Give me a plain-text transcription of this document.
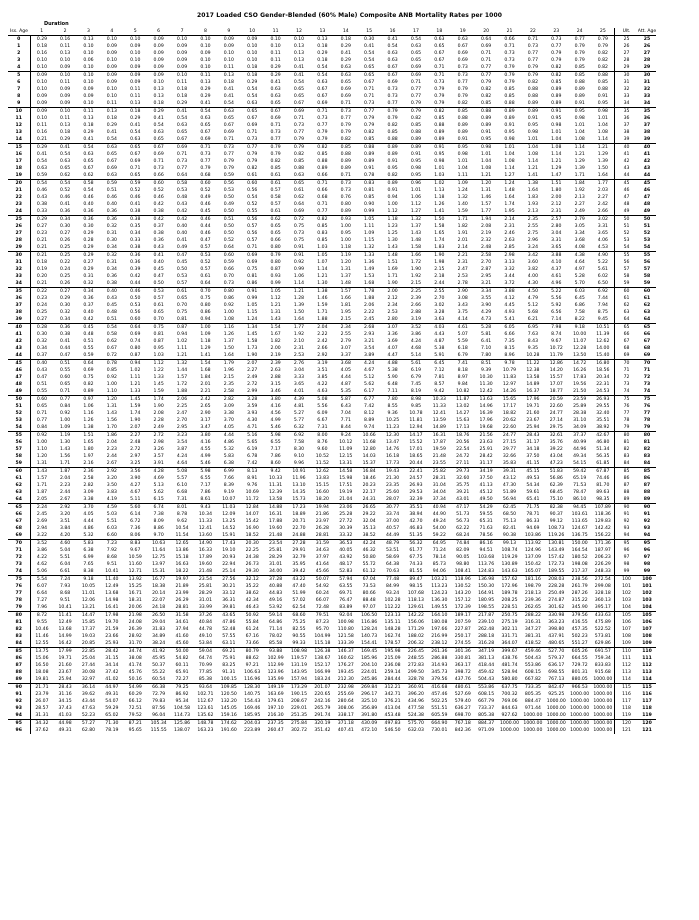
2017 Loaded CSO Gender-Blended (60% Male) Composite ANB Mortality Rates per 1000
Duration
Iss. Age	1	2	3	4	5	6	7	8	9	10	11	12	13	14	15	16	17	18	19	20	21	22	23	24	25	Ult.	Att. Age
0	0.29	0.16	0.13	0.10	0.10	0.09	0.10	0.10	0.09	0.09	0.10	0.10	0.13	0.18	0.30	0.41	0.54	0.63	0.63	0.64	0.66	0.71	0.73	0.77	0.79	25	25
1	0.18	0.11	0.10	0.09	0.09	0.09	0.09	0.10	0.09	0.10	0.10	0.13	0.18	0.29	0.41	0.54	0.63	0.65	0.67	0.69	0.71	0.73	0.77	0.79	0.79	26	26
2	0.16	0.13	0.10	0.09	0.10	0.09	0.09	0.09	0.10	0.10	0.11	0.13	0.29	0.41	0.54	0.63	0.65	0.67	0.69	0.71	0.73	0.77	0.79	0.79	0.82	27	27
3	0.10	0.10	0.06	0.10	0.10	0.09	0.09	0.10	0.10	0.10	0.11	0.13	0.18	0.29	0.54	0.63	0.65	0.67	0.69	0.71	0.73	0.77	0.79	0.79	0.82	28	28
4	0.10	0.09	0.10	0.09	0.09	0.09	0.09	0.10	0.11	0.18	0.29	0.41	0.54	0.63	0.65	0.67	0.69	0.71	0.73	0.77	0.79	0.79	0.82	0.85	0.82	29	29
5	0.09	0.10	0.10	0.09	0.09	0.09	0.10	0.11	0.13	0.18	0.29	0.41	0.54	0.63	0.65	0.67	0.69	0.71	0.73	0.77	0.79	0.79	0.82	0.85	0.88	30	30
6	0.10	0.11	0.10	0.09	0.09	0.10	0.11	0.13	0.18	0.29	0.41	0.54	0.63	0.65	0.67	0.69	0.71	0.73	0.77	0.79	0.79	0.82	0.85	0.88	0.85	31	31
7	0.10	0.09	0.09	0.10	0.11	0.13	0.18	0.29	0.41	0.54	0.63	0.65	0.67	0.69	0.71	0.73	0.77	0.79	0.79	0.82	0.85	0.88	0.89	0.89	0.88	32	32
8	0.09	0.09	0.09	0.10	0.11	0.13	0.18	0.29	0.41	0.54	0.63	0.65	0.67	0.69	0.71	0.73	0.77	0.79	0.79	0.82	0.85	0.88	0.89	0.89	0.91	33	33
9	0.09	0.09	0.10	0.11	0.13	0.18	0.29	0.41	0.54	0.63	0.65	0.67	0.69	0.71	0.73	0.77	0.79	0.79	0.82	0.85	0.88	0.89	0.89	0.91	0.95	34	34
10	0.09	0.10	0.11	0.13	0.18	0.29	0.41	0.54	0.63	0.65	0.67	0.69	0.71	0.73	0.77	0.79	0.79	0.82	0.85	0.88	0.89	0.89	0.91	0.95	0.98	35	35
11	0.10	0.11	0.13	0.18	0.29	0.41	0.54	0.63	0.65	0.67	0.69	0.71	0.73	0.77	0.79	0.79	0.82	0.85	0.88	0.89	0.89	0.91	0.95	0.98	1.01	36	36
12	0.11	0.13	0.18	0.29	0.41	0.54	0.63	0.65	0.67	0.69	0.71	0.73	0.77	0.79	0.79	0.82	0.85	0.88	0.89	0.89	0.91	0.95	0.98	1.01	1.04	37	37
13	0.16	0.18	0.29	0.41	0.54	0.63	0.65	0.67	0.69	0.71	0.73	0.77	0.79	0.79	0.82	0.85	0.88	0.89	0.89	0.91	0.95	0.98	1.01	1.04	1.08	38	38
14	0.21	0.29	0.41	0.54	0.63	0.65	0.67	0.69	0.71	0.73	0.77	0.79	0.79	0.82	0.85	0.88	0.89	0.89	0.91	0.95	0.98	1.01	1.04	1.08	1.14	39	39
15	0.29	0.41	0.54	0.63	0.65	0.67	0.69	0.71	0.73	0.77	0.79	0.79	0.82	0.85	0.88	0.89	0.89	0.91	0.95	0.98	1.01	1.04	1.08	1.14	1.21	40	40
16	0.41	0.54	0.63	0.65	0.67	0.69	0.71	0.73	0.77	0.79	0.79	0.82	0.85	0.88	0.89	0.89	0.91	0.95	0.98	1.01	1.04	1.08	1.14	1.21	1.29	41	41
17	0.54	0.63	0.65	0.67	0.69	0.71	0.73	0.77	0.79	0.79	0.82	0.85	0.88	0.89	0.89	0.91	0.95	0.98	1.01	1.04	1.08	1.14	1.21	1.29	1.39	42	42
18	0.63	0.65	0.67	0.69	0.71	0.73	0.77	0.79	0.79	0.82	0.85	0.88	0.89	0.89	0.91	0.95	0.98	1.01	1.04	1.08	1.14	1.21	1.29	1.39	1.50	43	43
19	0.59	0.62	0.62	0.63	0.65	0.66	0.64	0.68	0.59	0.61	0.61	0.63	0.66	0.71	0.78	0.82	0.95	1.03	1.11	1.21	1.27	1.41	1.47	1.71	1.64	44	44
20	0.54	0.54	0.58	0.59	0.59	0.60	0.58	0.60	0.56	0.60	0.61	0.65	0.71	0.73	0.83	0.89	0.96	1.02	1.09	1.20	1.24	1.38	1.51	1.84	1.77	45	45
21	0.46	0.52	0.54	0.51	0.52	0.52	0.53	0.52	0.53	0.56	0.57	0.61	0.66	0.73	0.81	0.91	1.01	1.13	1.24	1.31	1.48	1.64	1.80	1.92	2.03	46	46
22	0.43	0.46	0.46	0.46	0.46	0.46	0.48	0.49	0.50	0.54	0.58	0.62	0.68	0.76	0.85	0.94	1.06	1.18	1.32	1.46	1.64	1.83	2.00	2.13	2.27	47	47
23	0.38	0.41	0.40	0.40	0.41	0.42	0.43	0.46	0.49	0.52	0.57	0.64	0.71	0.80	0.90	1.00	1.12	1.26	1.40	1.57	1.74	1.93	2.12	2.27	2.42	48	48
24	0.33	0.36	0.36	0.36	0.38	0.38	0.42	0.45	0.50	0.55	0.61	0.69	0.77	0.89	0.99	1.12	1.27	1.41	1.59	1.77	1.95	2.13	2.31	2.49	2.66	49	49
25	0.29	0.34	0.36	0.36	0.38	0.42	0.42	0.46	0.51	0.56	0.62	0.72	0.82	0.93	1.05	1.18	1.32	1.50	1.71	1.94	2.14	2.35	2.57	2.79	3.02	50	50
26	0.27	0.30	0.30	0.32	0.35	0.37	0.40	0.44	0.50	0.57	0.65	0.75	0.85	1.00	1.11	1.23	1.37	1.58	1.82	2.08	2.31	2.55	2.80	3.05	3.31	51	51
27	0.23	0.27	0.29	0.31	0.34	0.38	0.40	0.46	0.50	0.56	0.65	0.73	0.83	0.95	1.09	1.25	1.43	1.65	1.91	2.19	2.46	2.75	3.04	3.34	3.65	52	52
28	0.21	0.26	0.28	0.30	0.33	0.36	0.41	0.47	0.52	0.57	0.66	0.75	0.85	1.00	1.15	1.30	1.48	1.74	2.01	2.32	2.63	2.96	3.31	3.68	4.06	53	53
29	0.21	0.25	0.29	0.34	0.38	0.43	0.49	0.57	0.64	0.71	0.80	0.91	1.03	1.18	1.32	1.43	1.58	1.83	2.14	2.48	2.85	3.24	3.65	4.08	4.53	54	54
30	0.21	0.25	0.29	0.32	0.36	0.41	0.47	0.53	0.60	0.69	0.79	0.91	1.05	1.19	1.33	1.48	1.66	1.90	2.21	2.58	2.98	3.42	3.88	4.38	4.90	55	55
31	0.18	0.22	0.27	0.31	0.36	0.40	0.45	0.52	0.59	0.69	0.80	0.92	1.07	1.20	1.36	1.51	1.72	1.98	2.31	2.70	3.13	3.60	4.10	4.64	5.22	56	56
32	0.19	0.24	0.29	0.34	0.39	0.45	0.50	0.57	0.66	0.75	0.87	0.99	1.14	1.31	1.49	1.69	1.90	2.15	2.47	2.87	3.32	3.82	4.37	4.97	5.61	57	57
33	0.20	0.25	0.31	0.36	0.42	0.47	0.53	0.61	0.70	0.81	0.93	1.06	1.21	1.37	1.53	1.71	1.92	2.18	2.53	2.95	3.44	4.00	4.61	5.28	6.02	58	58
34	0.21	0.26	0.32	0.38	0.44	0.50	0.57	0.64	0.73	0.86	0.99	1.14	1.30	1.48	1.68	1.90	2.15	2.44	2.78	3.21	3.72	4.30	4.96	5.70	6.50	59	59
35	0.22	0.27	0.34	0.40	0.46	0.53	0.61	0.70	0.80	0.91	1.05	1.21	1.38	1.57	1.78	2.00	2.25	2.55	2.90	3.34	3.88	4.50	5.22	6.03	6.92	60	60
36	0.23	0.29	0.36	0.43	0.50	0.57	0.65	0.75	0.86	0.99	1.12	1.28	1.46	1.66	1.88	2.12	2.39	2.70	3.08	3.55	4.12	4.79	5.56	6.45	7.44	61	61
37	0.24	0.30	0.37	0.45	0.53	0.61	0.70	0.80	0.92	1.05	1.21	1.39	1.59	1.81	2.06	2.34	2.66	3.02	3.43	3.90	4.45	5.12	5.92	6.86	7.94	62	62
38	0.25	0.32	0.40	0.48	0.56	0.65	0.75	0.86	1.00	1.15	1.31	1.50	1.71	1.95	2.22	2.53	2.88	3.28	3.75	4.29	4.93	5.68	6.56	7.58	8.75	63	63
39	0.27	0.34	0.42	0.51	0.60	0.70	0.81	0.94	1.08	1.24	1.43	1.64	1.88	2.15	2.45	2.80	3.19	3.63	4.14	4.73	5.41	6.21	7.14	8.22	9.45	64	64
40	0.28	0.36	0.45	0.54	0.64	0.75	0.87	1.00	1.16	1.34	1.54	1.77	2.04	2.34	2.68	3.07	3.52	4.03	4.61	5.28	6.05	6.95	7.98	9.18	10.51	65	65
41	0.30	0.38	0.48	0.58	0.69	0.81	0.94	1.09	1.26	1.45	1.67	1.92	2.22	2.55	2.93	3.36	3.86	4.43	5.07	5.81	6.66	7.63	8.74	10.00	11.39	66	66
42	0.32	0.41	0.51	0.62	0.74	0.87	1.02	1.18	1.37	1.58	1.82	2.10	2.42	2.79	3.21	3.69	4.24	4.87	5.59	6.41	7.35	8.43	9.67	11.07	12.62	67	67
43	0.34	0.44	0.55	0.67	0.80	0.95	1.11	1.29	1.50	1.73	2.00	2.31	2.66	3.07	3.54	4.07	4.68	5.38	6.18	7.10	8.15	9.35	10.72	12.28	14.00	68	68
44	0.37	0.47	0.59	0.72	0.87	1.03	1.21	1.41	1.64	1.90	2.19	2.53	2.92	3.37	3.89	4.47	5.14	5.91	6.79	7.80	8.96	10.28	11.79	13.50	15.40	69	69
45	0.40	0.51	0.64	0.78	0.94	1.12	1.32	1.54	1.79	2.07	2.39	2.76	3.19	3.68	4.24	4.88	5.61	6.45	7.41	8.51	9.78	11.22	12.86	14.72	16.80	70	70
46	0.43	0.55	0.69	0.85	1.02	1.22	1.44	1.68	1.96	2.27	2.63	3.04	3.51	4.05	4.67	5.38	6.19	7.12	8.18	9.39	10.79	12.38	14.20	16.26	18.56	71	71
47	0.47	0.60	0.75	0.92	1.11	1.33	1.57	1.84	2.15	2.49	2.88	3.33	3.85	4.44	5.12	5.90	6.79	7.81	8.97	10.30	11.83	13.58	15.57	17.83	20.34	72	72
48	0.51	0.65	0.82	1.00	1.21	1.45	1.72	2.01	2.35	2.72	3.15	3.65	4.22	4.87	5.62	6.48	7.45	8.57	9.84	11.30	12.97	14.89	17.07	19.56	22.31	73	73
49	0.55	0.71	0.89	1.10	1.33	1.59	1.88	2.21	2.58	2.99	3.46	4.01	4.63	5.35	6.17	7.11	8.19	9.42	10.82	12.42	14.26	16.37	18.77	21.50	24.53	74	74
50	0.60	0.77	0.97	1.20	1.45	1.74	2.06	2.42	2.82	3.28	3.80	4.39	5.08	5.87	6.77	7.80	8.98	10.33	11.87	13.63	15.65	17.96	20.59	23.59	26.93	75	75
51	0.65	0.84	1.06	1.31	1.59	1.90	2.25	2.65	3.09	3.59	4.16	4.81	5.56	6.43	7.42	8.55	9.85	11.33	13.02	14.96	17.17	19.71	22.60	25.89	29.55	76	76
52	0.71	0.92	1.16	1.43	1.74	2.08	2.47	2.90	3.38	3.93	4.56	5.27	6.09	7.04	8.12	9.36	10.78	12.41	14.27	16.39	18.82	21.60	24.77	28.38	32.40	77	77
53	0.77	1.00	1.26	1.56	1.90	2.28	2.70	3.17	3.70	4.30	4.99	5.77	6.67	7.71	8.89	10.25	11.81	13.59	15.63	17.96	20.62	23.67	27.14	31.10	35.51	78	78
54	0.84	1.09	1.38	1.70	2.07	2.49	2.95	3.47	4.05	4.71	5.46	6.32	7.31	8.44	9.74	11.23	12.94	14.89	17.13	19.68	22.60	25.94	29.75	34.09	38.92	79	79
55	0.92	1.19	1.51	1.86	2.27	2.72	3.23	3.80	4.44	5.16	5.98	6.92	8.00	9.24	10.66	12.30	14.17	16.31	18.76	21.56	24.77	28.43	32.61	37.37	42.67	80	80
56	1.00	1.30	1.65	2.04	2.48	2.98	3.54	4.16	4.86	5.65	6.55	7.58	8.76	10.12	11.68	13.47	15.52	17.87	20.56	23.63	27.15	31.17	35.76	40.99	46.80	81	81
57	1.10	1.43	1.80	2.23	2.72	3.26	3.87	4.55	5.32	6.19	7.17	8.30	9.60	11.09	12.80	14.76	17.01	19.59	22.54	25.91	29.77	34.18	39.22	44.96	51.34	82	82
58	1.20	1.56	1.97	2.44	2.97	3.57	4.24	4.99	5.83	6.78	7.86	9.10	10.52	12.15	14.03	16.18	18.65	21.48	24.72	28.42	32.66	37.50	43.04	49.34	56.35	83	83
59	1.31	1.71	2.16	2.67	3.25	3.91	4.64	5.46	6.38	7.42	8.60	9.96	11.52	13.31	15.37	17.73	20.44	23.55	27.11	31.17	35.83	41.15	47.23	54.15	61.85	84	84
60	1.43	1.87	2.36	2.92	3.56	4.28	5.08	5.98	6.99	8.13	9.42	10.91	12.62	14.58	16.84	19.43	22.41	25.82	29.73	34.19	39.31	45.15	51.83	59.42	67.87	85	85
61	1.57	2.04	2.58	3.20	3.90	4.69	5.57	6.55	7.66	8.91	10.33	11.96	13.83	15.98	18.46	21.30	24.57	28.31	32.60	37.50	43.12	49.53	56.86	65.19	74.46	86	86
62	1.71	2.23	2.82	3.50	4.27	5.13	6.10	7.17	8.39	9.76	11.31	13.10	15.15	17.51	20.23	23.35	26.93	31.04	35.75	41.13	47.30	54.34	62.39	71.53	81.70	87	87
63	1.87	2.44	3.09	3.83	4.67	5.62	6.68	7.86	9.19	10.69	12.39	14.35	16.60	19.19	22.17	25.60	29.53	34.04	39.21	45.12	51.89	59.61	68.45	78.47	89.63	88	88
64	2.05	2.67	3.38	4.19	5.11	6.15	7.31	8.61	10.07	11.72	13.58	15.73	18.20	21.04	24.31	28.07	32.39	37.34	43.01	49.50	56.94	65.41	75.10	86.10	98.35	89	89
65	2.24	2.92	3.70	4.59	5.60	6.74	8.01	9.43	11.03	12.84	14.88	17.23	19.94	23.06	26.65	30.77	35.51	40.94	47.17	54.29	62.45	71.75	82.38	94.45	107.89	90	90
66	2.45	3.20	4.05	5.03	6.14	7.38	8.78	10.34	12.09	14.07	16.31	18.89	21.86	25.28	29.22	33.74	38.94	44.90	51.73	59.55	68.50	78.71	90.37	103.61	118.36	91	91
67	2.69	3.51	4.44	5.51	6.72	8.09	9.62	11.33	13.25	15.42	17.88	20.71	23.97	27.72	32.04	37.00	42.70	49.24	56.73	65.31	75.13	86.33	99.12	113.65	129.83	92	92
68	2.94	3.84	4.86	6.03	7.36	8.86	10.54	12.41	14.52	16.90	19.60	22.70	26.28	30.39	35.13	40.57	46.83	54.00	62.22	71.63	82.41	94.69	108.73	124.67	142.42	93	93
69	3.22	4.20	5.32	6.60	8.06	9.70	11.54	13.60	15.91	18.52	21.48	24.88	28.81	33.32	38.52	44.49	51.35	59.22	68.24	78.56	90.38	103.86	119.26	136.75	156.22	94	94
70	3.52	4.60	5.83	7.23	8.83	10.63	12.65	14.90	17.43	20.30	23.54	27.28	31.59	36.53	42.24	48.79	56.32	64.95	74.84	86.16	99.13	113.92	130.81	150.00	171.36	95	95
71	3.86	5.04	6.38	7.92	9.67	11.64	13.86	16.33	19.10	22.25	25.81	29.91	34.63	40.05	46.32	53.51	61.77	71.24	82.09	94.51	108.74	124.96	143.49	164.54	187.97	96	96
72	4.22	5.51	6.99	8.68	10.59	12.75	15.18	17.89	20.93	24.38	28.29	32.79	37.97	43.92	50.80	58.69	67.75	78.14	90.05	103.68	119.29	137.09	157.42	180.52	206.23	97	97
73	4.62	6.04	7.65	9.51	11.60	13.97	16.63	19.60	22.94	26.73	31.01	35.95	41.64	48.17	55.72	64.38	74.33	85.73	98.80	113.76	130.89	150.42	172.73	198.08	226.29	98	98
74	5.06	6.61	8.38	10.41	12.71	15.31	18.22	21.48	25.14	29.30	34.00	39.42	45.66	52.83	61.12	70.63	81.55	94.06	108.41	124.83	143.63	165.07	189.55	217.37	248.33	99	99
75	5.54	7.24	9.18	11.40	13.92	16.77	19.97	23.54	27.56	32.12	37.28	43.22	50.07	57.94	67.04	77.48	89.47	103.21	118.96	136.98	157.62	181.16	208.03	238.56	272.54	100	100
76	6.07	7.93	10.05	12.49	15.25	18.38	21.89	25.81	30.21	35.22	40.88	47.40	54.92	63.55	73.53	84.99	98.15	113.23	130.52	150.30	172.96	198.79	228.28	261.79	299.08	101	101
77	6.64	8.68	11.01	13.68	16.71	20.14	23.99	28.29	33.12	38.62	44.83	51.99	60.24	69.71	80.66	93.24	107.68	124.23	143.20	164.91	189.78	218.13	250.49	287.26	328.18	102	102
78	7.27	9.51	12.06	14.98	18.31	22.07	26.29	31.01	36.31	42.34	49.16	57.02	66.07	76.47	88.48	102.28	118.13	136.30	157.12	180.95	208.25	239.36	274.87	315.22	360.13	103	103
79	7.96	10.41	13.21	16.41	20.06	24.18	28.81	33.99	39.81	46.43	53.92	62.54	72.48	83.89	97.07	112.22	129.61	149.55	172.39	198.55	228.51	262.65	301.62	345.90	395.17	104	104
80	8.72	11.41	14.47	17.98	21.98	26.50	31.58	37.26	43.65	50.92	59.14	68.60	79.51	92.04	106.50	123.13	142.22	164.10	189.17	217.87	250.75	288.22	330.98	379.56	433.63	105	105
81	9.55	12.49	15.85	19.70	24.08	29.04	34.61	40.84	47.86	55.84	64.86	75.25	87.23	100.98	116.86	135.11	156.06	180.08	207.59	239.10	275.19	316.31	363.23	416.55	475.89	106	106
82	10.46	13.68	17.37	21.59	26.39	31.83	37.94	44.78	52.48	61.24	71.14	82.55	95.70	110.80	128.24	148.28	171.29	197.66	227.87	262.48	302.11	347.27	398.80	457.35	522.52	107	107
83	11.46	14.99	19.03	23.66	28.92	34.89	41.60	49.10	57.55	67.16	78.02	90.55	104.99	121.58	140.73	162.74	188.02	216.99	250.17	288.18	331.71	381.31	437.91	502.23	573.81	108	108
84	12.55	16.42	20.85	25.93	31.70	38.24	45.60	53.84	63.11	73.66	85.58	99.33	115.18	133.39	154.41	178.57	206.32	238.12	274.55	316.28	364.07	418.52	480.65	551.27	629.86	109	109
85	13.75	17.99	22.85	28.42	34.74	41.92	50.00	59.04	69.21	80.79	93.88	108.98	126.38	146.37	169.45	195.98	226.45	261.36	301.36	347.19	399.67	459.46	527.70	605.26	691.57	110	110
86	15.06	19.71	25.04	31.15	38.08	45.95	54.82	64.74	75.91	88.62	102.99	119.57	138.67	160.62	185.96	215.09	248.55	286.88	330.81	381.13	438.76	504.43	579.37	664.55	759.34	111	111
87	16.50	21.60	27.44	34.14	41.74	50.37	60.11	70.99	83.25	97.21	112.99	131.19	152.17	176.27	204.10	236.08	272.83	314.93	363.17	418.44	481.74	553.86	636.17	729.72	833.83	112	112
88	18.08	23.67	30.08	37.42	45.76	55.22	65.91	77.85	91.31	106.63	123.96	143.95	166.99	193.45	224.01	259.14	299.50	345.73	398.72	459.42	528.94	608.15	698.55	801.31	915.68	113	113
89	19.81	25.94	32.97	41.02	50.16	60.54	72.27	85.38	100.15	116.96	135.99	157.94	183.24	212.30	245.86	284.44	328.78	379.56	437.76	504.43	580.80	667.82	767.13	880.05	1000.00	114	114
90	21.71	28.43	36.14	44.97	54.99	66.38	79.25	93.64	109.85	128.30	149.19	173.29	201.07	232.98	269.84	312.21	360.91	416.68	480.61	553.86	637.75	733.35	842.47	966.53	1000.00	115	115
91	23.79	31.16	39.62	49.31	60.29	72.79	86.92	102.71	120.50	140.75	163.69	190.15	220.65	255.69	296.17	342.71	396.20	457.46	527.69	608.15	700.32	805.35	925.25	1000.00	1000.00	116	116
92	26.07	34.15	43.44	54.07	66.12	79.83	95.34	112.67	132.20	154.43	179.61	208.67	242.16	280.64	325.10	376.21	434.96	502.25	579.40	667.79	769.06	884.47	1000.00	1000.00	1000.00	117	117
93	28.57	37.43	47.63	59.29	72.51	87.56	104.58	123.61	145.05	169.46	197.10	229.01	265.79	308.06	356.89	413.04	477.58	551.51	636.27	733.37	844.63	971.44	1000.00	1000.00	1000.00	118	118
94	31.31	41.03	52.23	65.02	79.52	96.04	114.73	135.62	159.16	185.95	216.30	251.35	291.74	338.17	391.80	453.48	524.38	605.59	698.70	805.38	927.62	1000.00	1000.00	1000.00	1000.00	119	119
95	34.32	44.98	57.27	71.30	87.21	105.34	125.86	148.78	174.62	204.03	237.35	275.84	320.19	371.18	430.09	497.83	575.70	664.90	767.18	884.37	1000.00	1000.00	1000.00	1000.00	1000.00	120	120
96	37.62	49.31	62.80	78.19	95.65	115.55	138.07	163.23	191.60	223.89	260.47	302.72	351.42	407.41	472.10	546.50	632.03	730.01	842.36	971.09	1000.00	1000.00	1000.00	1000.00	1000.00	121	121
